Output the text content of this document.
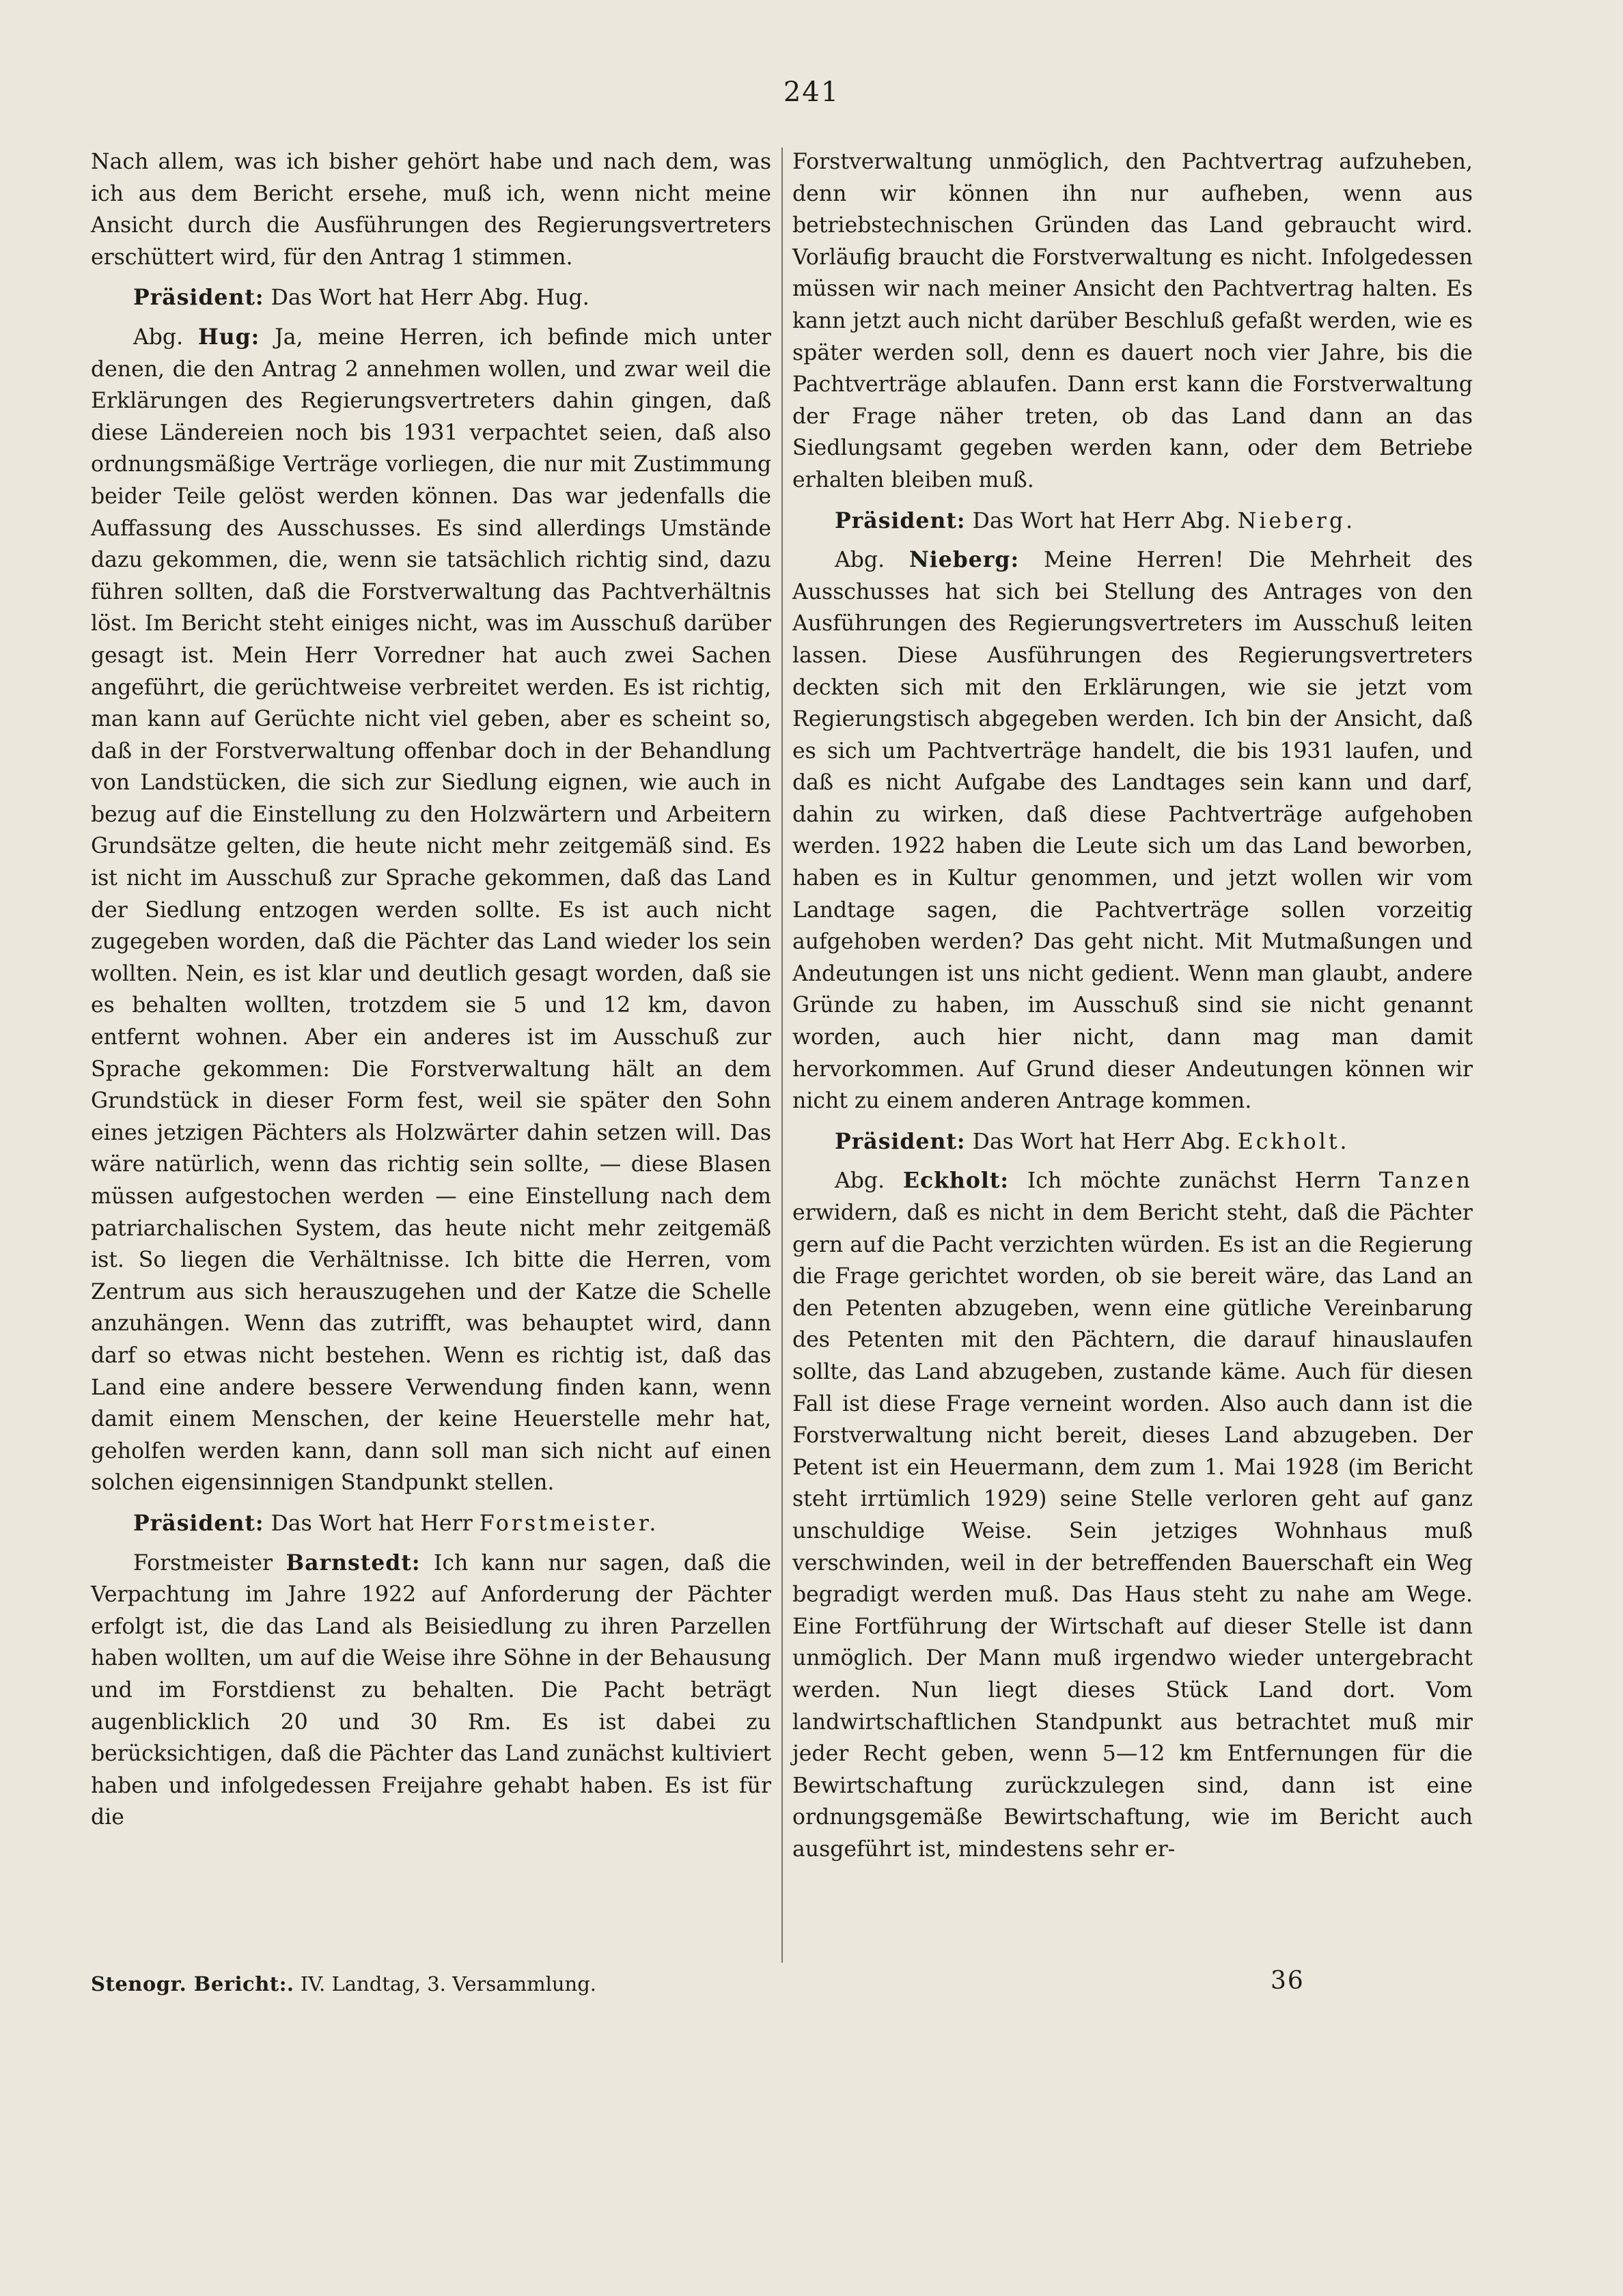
241

Nach allem, was ich bisher gehört habe und nach dem, was ich aus dem Bericht ersehe, muß ich, wenn nicht meine Ansicht durch die Ausführungen des Regierungsvertreters erschüttert wird, für den Antrag 1 stimmen.

Präsident: Das Wort hat Herr Abg. Hug.

Abg. Hug: Ja, meine Herren, ich befinde mich unter denen, die den Antrag 2 annehmen wollen, und zwar weil die Erklärungen des Regierungsvertreters dahin gingen, daß diese Ländereien noch bis 1931 verpachtet seien, daß also ordnungsmäßige Verträge vorliegen, die nur mit Zustimmung beider Teile gelöst werden können. Das war jedenfalls die Auffassung des Ausschusses. Es sind allerdings Umstände dazu gekommen, die, wenn sie tatsächlich richtig sind, dazu führen sollten, daß die Forstverwaltung das Pachtverhältnis löst. Im Bericht steht einiges nicht, was im Ausschuß darüber gesagt ist. Mein Herr Vorredner hat auch zwei Sachen angeführt, die gerüchtweise verbreitet werden. Es ist richtig, man kann auf Gerüchte nicht viel geben, aber es scheint so, daß in der Forstverwaltung offenbar doch in der Behandlung von Landstücken, die sich zur Siedlung eignen, wie auch in bezug auf die Einstellung zu den Holzwärtern und Arbeitern Grundsätze gelten, die heute nicht mehr zeitgemäß sind. Es ist nicht im Ausschuß zur Sprache gekommen, daß das Land der Siedlung entzogen werden sollte. Es ist auch nicht zugegeben worden, daß die Pächter das Land wieder los sein wollten. Nein, es ist klar und deutlich gesagt worden, daß sie es behalten wollten, trotzdem sie 5 und 12 km, davon entfernt wohnen. Aber ein anderes ist im Ausschuß zur Sprache gekommen: Die Forstverwaltung hält an dem Grundstück in dieser Form fest, weil sie später den Sohn eines jetzigen Pächters als Holzwärter dahin setzen will. Das wäre natürlich, wenn das richtig sein sollte, — diese Blasen müssen aufgestochen werden — eine Einstellung nach dem patriarchalischen System, das heute nicht mehr zeitgemäß ist. So liegen die Verhältnisse. Ich bitte die Herren, vom Zentrum aus sich herauszugehen und der Katze die Schelle anzuhängen. Wenn das zutrifft, was behauptet wird, dann darf so etwas nicht bestehen. Wenn es richtig ist, daß das Land eine andere bessere Verwendung finden kann, wenn damit einem Menschen, der keine Heuerstelle mehr hat, geholfen werden kann, dann soll man sich nicht auf einen solchen eigensinnigen Standpunkt stellen.

Präsident: Das Wort hat Herr Forstmeister.

Forstmeister Barnstedt: Ich kann nur sagen, daß die Verpachtung im Jahre 1922 auf Anforderung der Pächter erfolgt ist, die das Land als Beisiedlung zu ihren Parzellen haben wollten, um auf die Weise ihre Söhne in der Behausung und im Forstdienst zu behalten. Die Pacht beträgt augenblicklich 20 und 30 Rm. Es ist dabei zu berücksichtigen, daß die Pächter das Land zunächst kultiviert haben und infolgedessen Freijahre gehabt haben. Es ist für die

Forstverwaltung unmöglich, den Pachtvertrag aufzuheben, denn wir können ihn nur aufheben, wenn aus betriebstechnischen Gründen das Land gebraucht wird. Vorläufig braucht die Forstverwaltung es nicht. Infolgedessen müssen wir nach meiner Ansicht den Pachtvertrag halten. Es kann jetzt auch nicht darüber Beschluß gefaßt werden, wie es später werden soll, denn es dauert noch vier Jahre, bis die Pachtverträge ablaufen. Dann erst kann die Forstverwaltung der Frage näher treten, ob das Land dann an das Siedlungsamt gegeben werden kann, oder dem Betriebe erhalten bleiben muß.

Präsident: Das Wort hat Herr Abg. Nieberg.

Abg. Nieberg: Meine Herren! Die Mehrheit des Ausschusses hat sich bei Stellung des Antrages von den Ausführungen des Regierungsvertreters im Ausschuß leiten lassen. Diese Ausführungen des Regierungsvertreters deckten sich mit den Erklärungen, wie sie jetzt vom Regierungstisch abgegeben werden. Ich bin der Ansicht, daß es sich um Pachtverträge handelt, die bis 1931 laufen, und daß es nicht Aufgabe des Landtages sein kann und darf, dahin zu wirken, daß diese Pachtverträge aufgehoben werden. 1922 haben die Leute sich um das Land beworben, haben es in Kultur genommen, und jetzt wollen wir vom Landtage sagen, die Pachtverträge sollen vorzeitig aufgehoben werden? Das geht nicht. Mit Mutmaßungen und Andeutungen ist uns nicht gedient. Wenn man glaubt, andere Gründe zu haben, im Ausschuß sind sie nicht genannt worden, auch hier nicht, dann mag man damit hervorkommen. Auf Grund dieser Andeutungen können wir nicht zu einem anderen Antrage kommen.

Präsident: Das Wort hat Herr Abg. Eckholt.

Abg. Eckholt: Ich möchte zunächst Herrn Tanzen erwidern, daß es nicht in dem Bericht steht, daß die Pächter gern auf die Pacht verzichten würden. Es ist an die Regierung die Frage gerichtet worden, ob sie bereit wäre, das Land an den Petenten abzugeben, wenn eine gütliche Vereinbarung des Petenten mit den Pächtern, die darauf hinauslaufen sollte, das Land abzugeben, zustande käme. Auch für diesen Fall ist diese Frage verneint worden. Also auch dann ist die Forstverwaltung nicht bereit, dieses Land abzugeben. Der Petent ist ein Heuermann, dem zum 1. Mai 1928 (im Bericht steht irrtümlich 1929) seine Stelle verloren geht auf ganz unschuldige Weise. Sein jetziges Wohnhaus muß verschwinden, weil in der betreffenden Bauerschaft ein Weg begradigt werden muß. Das Haus steht zu nahe am Wege. Eine Fortführung der Wirtschaft auf dieser Stelle ist dann unmöglich. Der Mann muß irgendwo wieder untergebracht werden. Nun liegt dieses Stück Land dort. Vom landwirtschaftlichen Standpunkt aus betrachtet muß mir jeder Recht geben, wenn 5—12 km Entfernungen für die Bewirtschaftung zurückzulegen sind, dann ist eine ordnungsgemäße Bewirtschaftung, wie im Bericht auch ausgeführt ist, mindestens sehr er-

Stenogr. Bericht:. IV. Landtag, 3. Versammlung.	36
